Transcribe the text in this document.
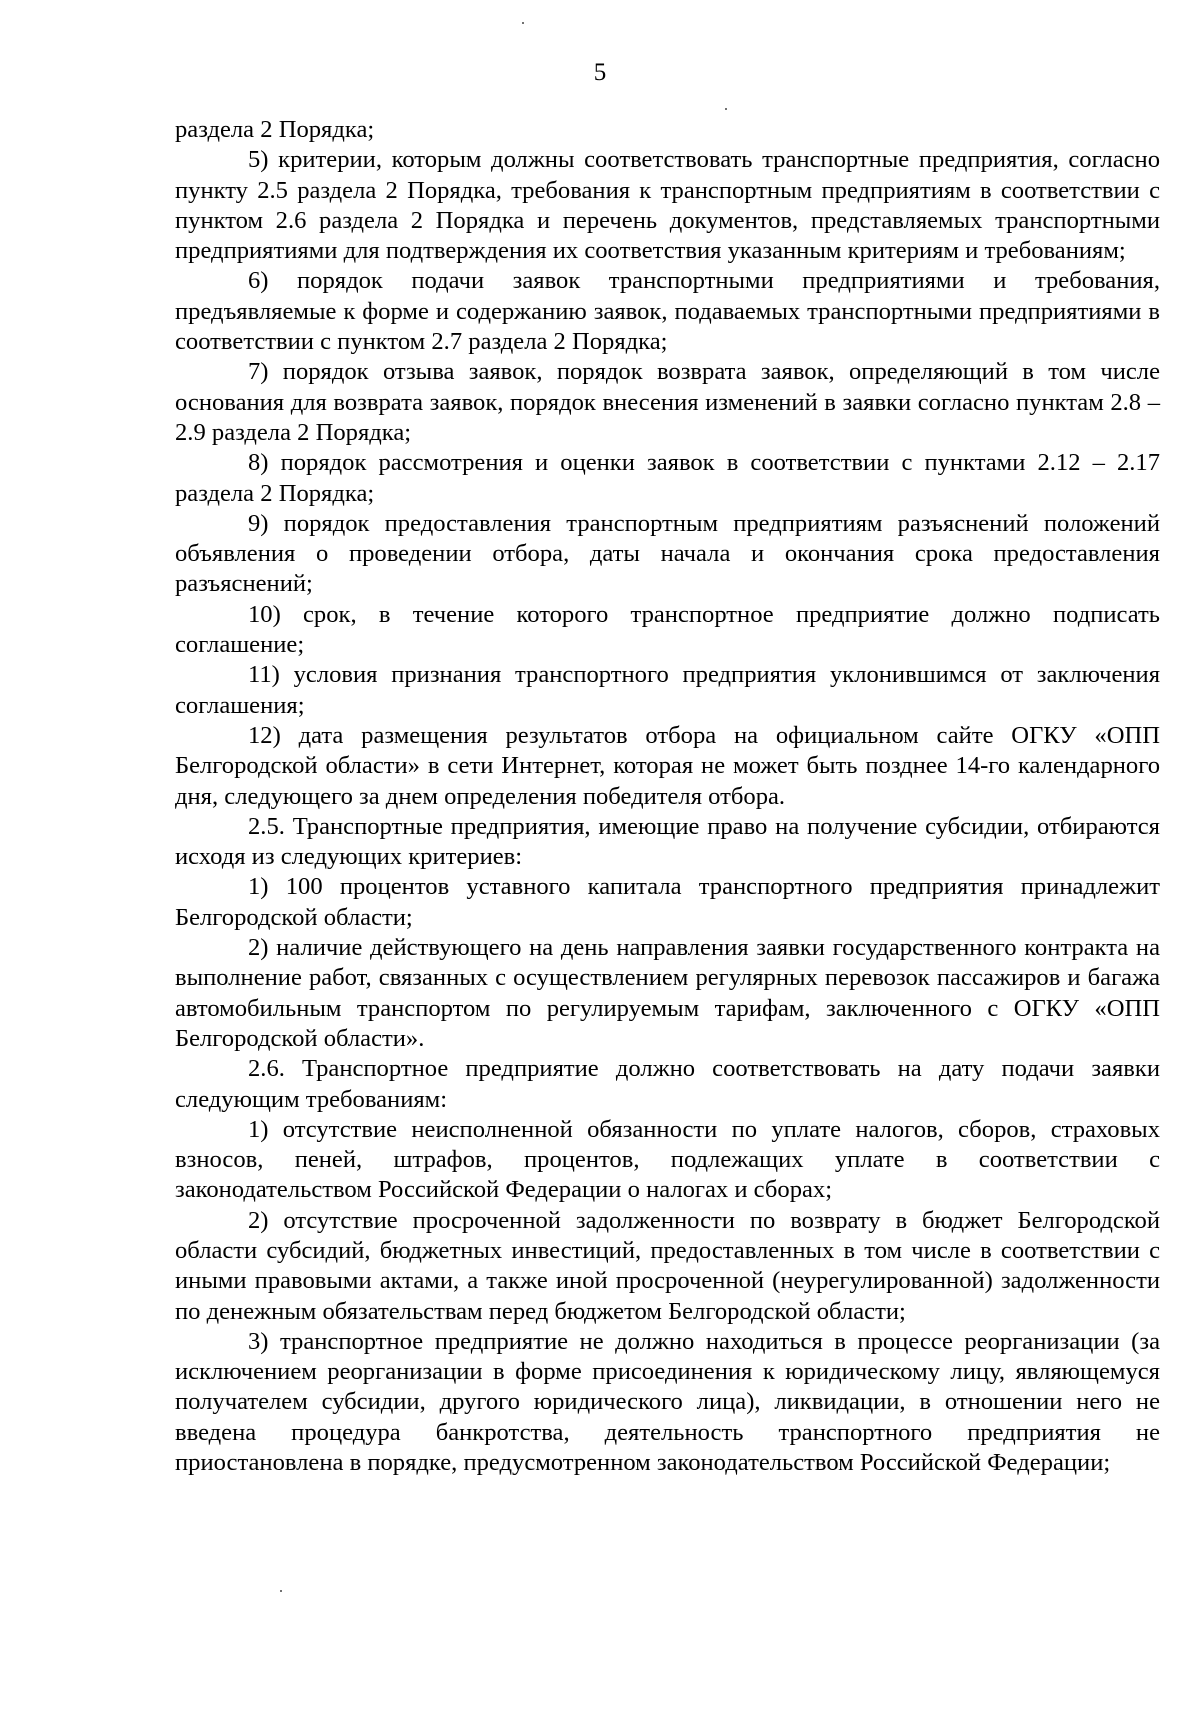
5

раздела 2 Порядка;

5) критерии, которым должны соответствовать транспортные предприятия, согласно пункту 2.5 раздела 2 Порядка, требования к транспортным предприятиям в соответствии с пунктом 2.6 раздела 2 Порядка и перечень документов, представляемых транспортными предприятиями для подтверждения их соответствия указанным критериям и требованиям;

6) порядок подачи заявок транспортными предприятиями и требования, предъявляемые к форме и содержанию заявок, подаваемых транспортными предприятиями в соответствии с пунктом 2.7 раздела 2 Порядка;

7) порядок отзыва заявок, порядок возврата заявок, определяющий в том числе основания для возврата заявок, порядок внесения изменений в заявки согласно пунктам 2.8 – 2.9 раздела 2 Порядка;

8) порядок рассмотрения и оценки заявок в соответствии с пунктами 2.12 – 2.17 раздела 2 Порядка;

9) порядок предоставления транспортным предприятиям разъяснений положений объявления о проведении отбора, даты начала и окончания срока предоставления разъяснений;

10) срок, в течение которого транспортное предприятие должно подписать соглашение;

11) условия признания транспортного предприятия уклонившимся от заключения соглашения;

12) дата размещения результатов отбора на официальном сайте ОГКУ «ОПП Белгородской области» в сети Интернет, которая не может быть позднее 14-го календарного дня, следующего за днем определения победителя отбора.

2.5. Транспортные предприятия, имеющие право на получение субсидии, отбираются исходя из следующих критериев:

1) 100 процентов уставного капитала транспортного предприятия принадлежит Белгородской области;

2) наличие действующего на день направления заявки государственного контракта на выполнение работ, связанных с осуществлением регулярных перевозок пассажиров и багажа автомобильным транспортом по регулируемым тарифам, заключенного с ОГКУ «ОПП Белгородской области».

2.6. Транспортное предприятие должно соответствовать на дату подачи заявки следующим требованиям:

1) отсутствие неисполненной обязанности по уплате налогов, сборов, страховых взносов, пеней, штрафов, процентов, подлежащих уплате в соответствии с законодательством Российской Федерации о налогах и сборах;

2) отсутствие просроченной задолженности по возврату в бюджет Белгородской области субсидий, бюджетных инвестиций, предоставленных в том числе в соответствии с иными правовыми актами, а также иной просроченной (неурегулированной) задолженности по денежным обязательствам перед бюджетом Белгородской области;

3) транспортное предприятие не должно находиться в процессе реорганизации (за исключением реорганизации в форме присоединения к юридическому лицу, являющемуся получателем субсидии, другого юридического лица), ликвидации, в отношении него не введена процедура банкротства, деятельность транспортного предприятия не приостановлена в порядке, предусмотренном законодательством Российской Федерации;
